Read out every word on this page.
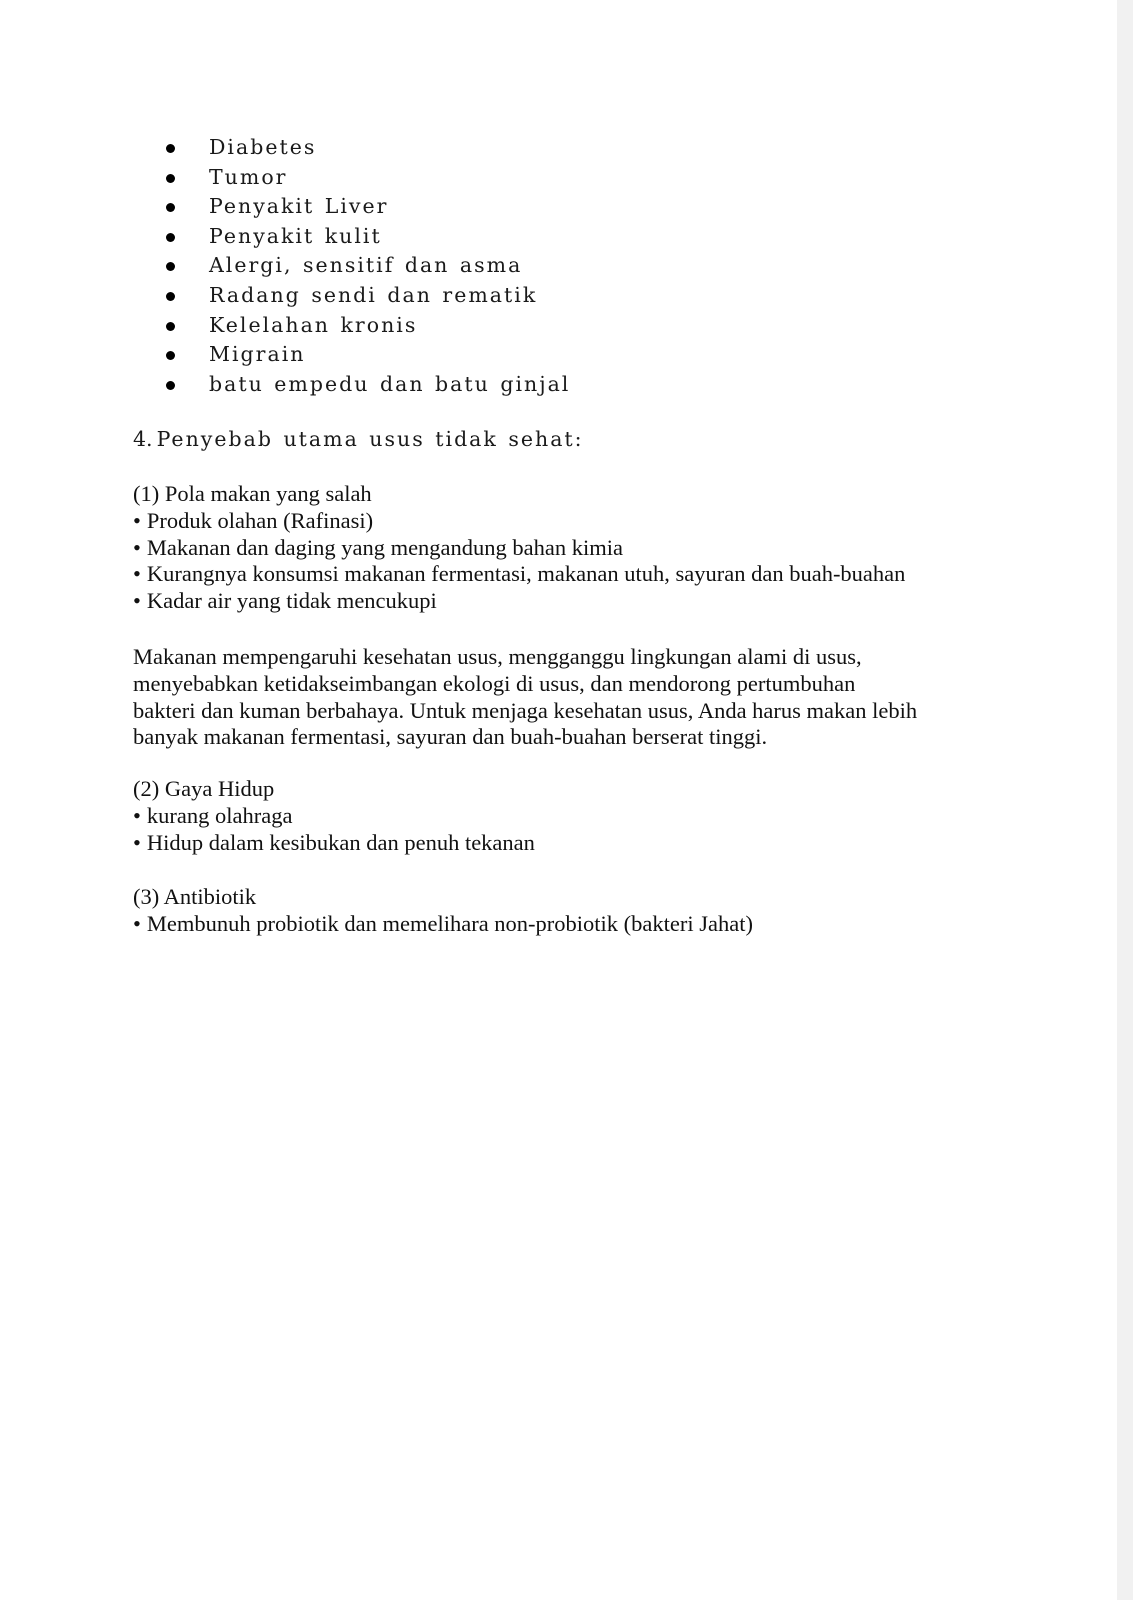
Diabetes
Tumor
Penyakit Liver
Penyakit kulit
Alergi, sensitif dan asma
Radang sendi dan rematik
Kelelahan kronis
Migrain
batu empedu dan batu ginjal
4. Penyebab utama usus tidak sehat:
(1) Pola makan yang salah
• Produk olahan (Rafinasi)
• Makanan dan daging yang mengandung bahan kimia
• Kurangnya konsumsi makanan fermentasi, makanan utuh, sayuran dan buah-buahan
• Kadar air yang tidak mencukupi
Makanan mempengaruhi kesehatan usus, mengganggu lingkungan alami di usus,
menyebabkan ketidakseimbangan ekologi di usus, dan mendorong pertumbuhan
bakteri dan kuman berbahaya. Untuk menjaga kesehatan usus, Anda harus makan lebih
banyak makanan fermentasi, sayuran dan buah-buahan berserat tinggi.
(2) Gaya Hidup
• kurang olahraga
• Hidup dalam kesibukan dan penuh tekanan
(3) Antibiotik
• Membunuh probiotik dan memelihara non-probiotik (bakteri Jahat)
